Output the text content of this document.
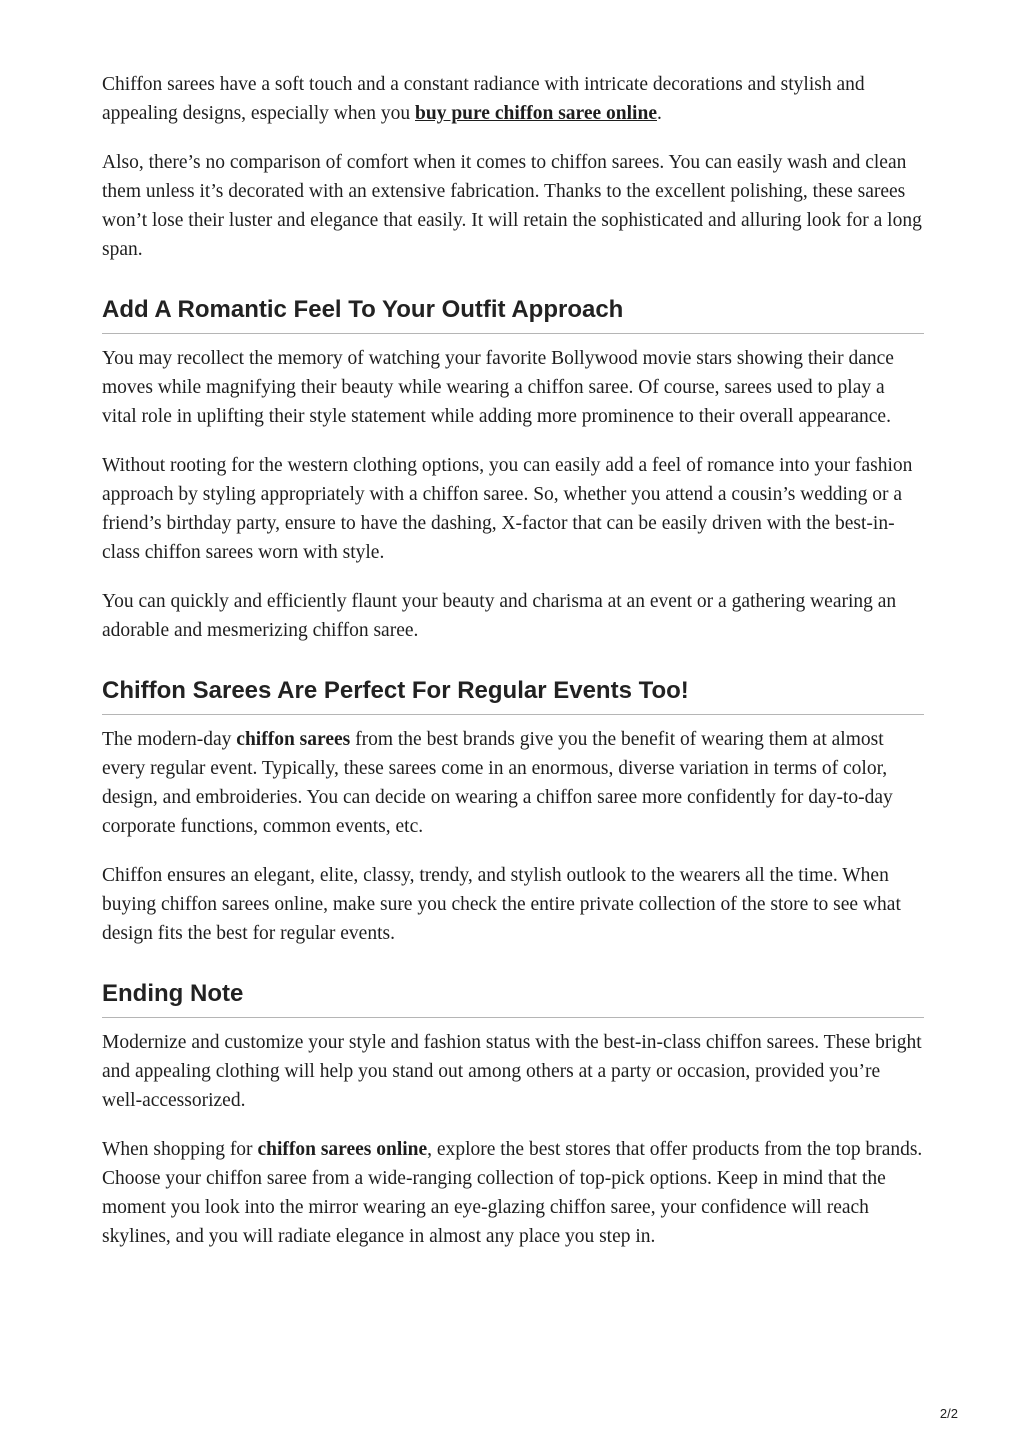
Chiffon sarees have a soft touch and a constant radiance with intricate decorations and stylish and appealing designs, especially when you buy pure chiffon saree online.

Also, there’s no comparison of comfort when it comes to chiffon sarees. You can easily wash and clean them unless it’s decorated with an extensive fabrication. Thanks to the excellent polishing, these sarees won’t lose their luster and elegance that easily. It will retain the sophisticated and alluring look for a long span.

Add A Romantic Feel To Your Outfit Approach

You may recollect the memory of watching your favorite Bollywood movie stars showing their dance moves while magnifying their beauty while wearing a chiffon saree. Of course, sarees used to play a vital role in uplifting their style statement while adding more prominence to their overall appearance.

Without rooting for the western clothing options, you can easily add a feel of romance into your fashion approach by styling appropriately with a chiffon saree. So, whether you attend a cousin’s wedding or a friend’s birthday party, ensure to have the dashing, X-factor that can be easily driven with the best-in-class chiffon sarees worn with style.

You can quickly and efficiently flaunt your beauty and charisma at an event or a gathering wearing an adorable and mesmerizing chiffon saree.

Chiffon Sarees Are Perfect For Regular Events Too!

The modern-day chiffon sarees from the best brands give you the benefit of wearing them at almost every regular event. Typically, these sarees come in an enormous, diverse variation in terms of color, design, and embroideries. You can decide on wearing a chiffon saree more confidently for day-to-day corporate functions, common events, etc.

Chiffon ensures an elegant, elite, classy, trendy, and stylish outlook to the wearers all the time. When buying chiffon sarees online, make sure you check the entire private collection of the store to see what design fits the best for regular events.

Ending Note

Modernize and customize your style and fashion status with the best-in-class chiffon sarees. These bright and appealing clothing will help you stand out among others at a party or occasion, provided you’re well-accessorized.

When shopping for chiffon sarees online, explore the best stores that offer products from the top brands. Choose your chiffon saree from a wide-ranging collection of top-pick options. Keep in mind that the moment you look into the mirror wearing an eye-glazing chiffon saree, your confidence will reach skylines, and you will radiate elegance in almost any place you step in.

2/2
